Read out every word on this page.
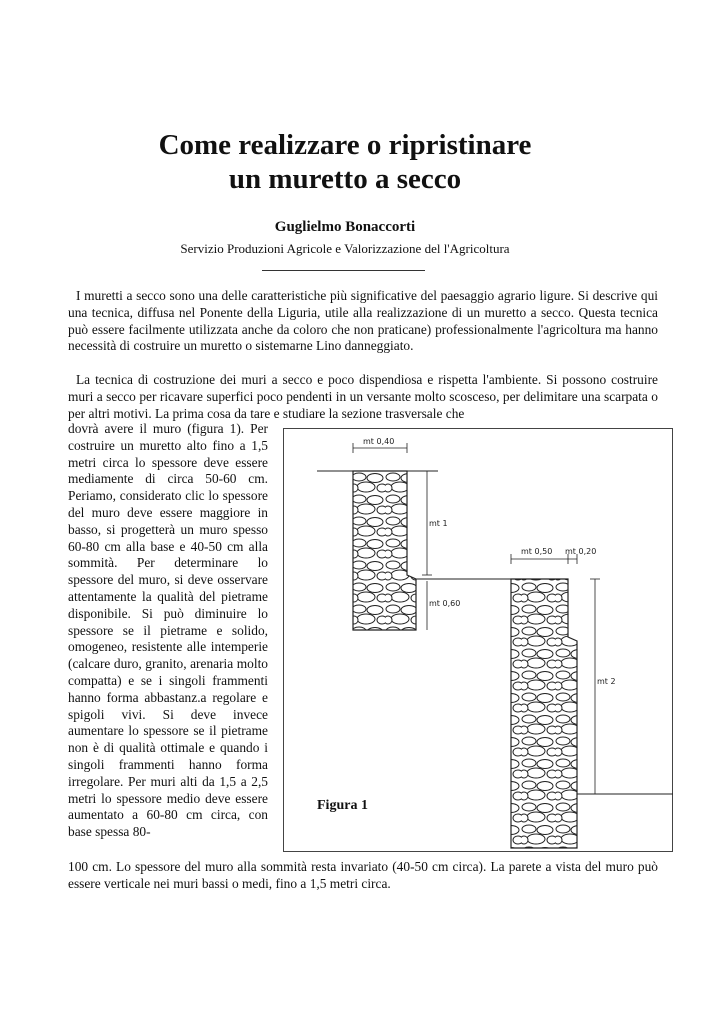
Come realizzare o ripristinare
un muretto a secco
Guglielmo Bonaccorti
Servizio Produzioni Agricole e Valorizzazione del l'Agricoltura

I muretti a secco sono una delle caratteristiche più significative del paesaggio agrario ligure. Si descrive qui una tecnica, diffusa nel Ponente della Liguria, utile alla realizzazione di un muretto a secco. Questa tecnica può essere facilmente utilizzata anche da coloro che non praticane) professionalmente l'agricoltura ma hanno necessità di costruire un muretto o sistemarne Lino danneggiato.

La tecnica di costruzione dei muri a secco e poco dispendiosa e rispetta l'ambiente. Si possono costruire muri a secco per ricavare superfici poco pendenti in un versante molto scosceso, per delimitare una scarpata o per altri motivi. La prima cosa da tare e studiare la sezione trasversale che

dovrà avere il muro (figura 1). Per costruire un muretto alto fino a 1,5 metri circa lo spessore deve essere mediamente di circa 50-60 cm. Periamo, considerato clic lo spessore del muro deve essere maggiore in basso, si progetterà un muro spesso 60-80 cm alla base e 40-50 cm alla sommità. Per determinare lo spessore del muro, si deve osservare attentamente la qualità del pietrame disponibile. Si può diminuire lo spessore se il pietrame e solido, omogeneo, resistente alle intemperie (calcare duro, granito, arenaria molto compatta) e se i singoli frammenti hanno forma abbastanz.a regolare e spigoli vivi. Si deve invece aumentare lo spessore se il pietrame non è di qualità ottimale e quando i singoli frammenti hanno forma irregolare. Per muri alti da 1,5 a 2,5 metri lo spessore medio deve essere aumentato a 60-80 cm circa, con base spessa 80-

100 cm. Lo spessore del muro alla sommità resta invariato (40-50 cm circa). La parete a vista del muro può essere verticale nei muri bassi o medi, fino a 1,5 metri circa.

mt 0,40
mt 1
mt 0,60
mt 0,50 mt 0,20
mt 2
Figura 1
